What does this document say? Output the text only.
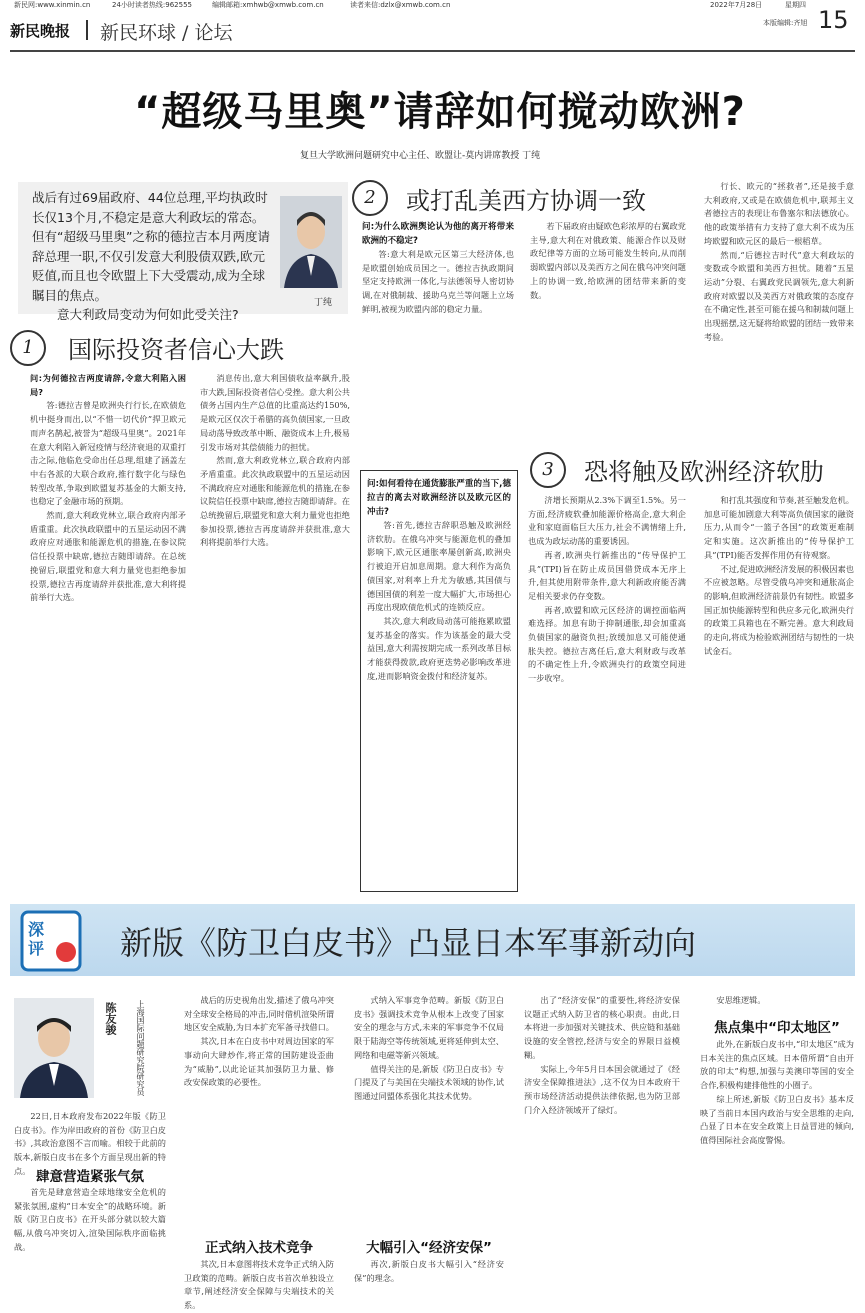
新民网:www.xinmin.cn	24小时读者热线:962555	编辑邮箱:xmhwb@xmwb.com.cn	读者来信:dzlx@xmwb.com.cn	2022年7月28日	星期四
新民晚报 新民环球 / 论坛	本版编辑:齐旭 15
“超级马里奥”请辞如何搅动欧洲?
复旦大学欧洲问题研究中心主任、欧盟让-莫内讲席教授 丁纯
战后有过69届政府、44位总理,平均执政时长仅13个月,不稳定是意大利政坛的常态。但有“超级马里奥”之称的德拉吉本月两度请辞总理一职,不仅引发意大利股债双跌,欧元贬值,而且也令欧盟上下大受震动,成为全球瞩目的焦点。
意大利政局变动为何如此受关注?
丁纯
1	国际投资者信心大跌

问:为何德拉吉两度请辞,令意大利陷入困局?

答:德拉吉曾是欧洲央行行长,在欧债危机中挺身而出,以“不惜一切代价”捍卫欧元而声名鹊起,被誉为“超级马里奥”。2021年在意大利陷入新冠疫情与经济衰退的双重打击之际,他临危受命出任总理,组建了涵盖左中右各派的大联合政府,推行数字化与绿色转型改革,争取到欧盟复苏基金的大额支持,也稳定了金融市场的预期。

然而,意大利政党林立,联合政府内部矛盾重重。此次执政联盟中的五星运动因不满政府应对通胀和能源危机的措施,在参议院信任投票中缺席,德拉吉随即请辞。在总统挽留后,联盟党和意大利力量党也拒绝参加投票,德拉吉再度请辞并获批准,意大利将提前举行大选。

消息传出,意大利国债收益率飙升,股市大跌,国际投资者信心受挫。意大利公共债务占国内生产总值的比重高达约150%,是欧元区仅次于希腊的高负债国家,一旦政局动荡导致改革中断、融资成本上升,极易引发市场对其偿债能力的担忧。

然而,意大利政党林立,联合政府内部矛盾重重。此次执政联盟中的五星运动因不满政府应对通胀和能源危机的措施,在参议院信任投票中缺席,德拉吉随即请辞。在总统挽留后,联盟党和意大利力量党也拒绝参加投票,德拉吉再度请辞并获批准,意大利将提前举行大选。

2	或打乱美西方协调一致

问:为什么欧洲舆论认为他的离开将带来欧洲的不稳定?

答:意大利是欧元区第三大经济体,也是欧盟创始成员国之一。德拉吉执政期间坚定支持欧洲一体化,与法德领导人密切协调,在对俄制裁、援助乌克兰等问题上立场鲜明,被视为欧盟内部的稳定力量。

若下届政府由疑欧色彩浓厚的右翼政党主导,意大利在对俄政策、能源合作以及财政纪律等方面的立场可能发生转向,从而削弱欧盟内部以及美西方之间在俄乌冲突问题上的协调一致,给欧洲的团结带来新的变数。

行长、欧元的“拯救者”,还是接手意大利政府,又或是在欧债危机中,联邦主义者德拉吉的表现让布鲁塞尔和法德放心。他的政策举措有力支持了意大利不成为压垮欧盟和欧元区的最后一根稻草。

然而,“后德拉吉时代”意大利政坛的变数或令欧盟和美西方担忧。随着“五星运动”分裂、右翼政党民调领先,意大利新政府对欧盟以及美西方对俄政策的态度存在不确定性,甚至可能在援乌和制裁问题上出现摇摆,这无疑将给欧盟的团结一致带来考验。

问:如何看待在通货膨胀严重的当下,德拉吉的离去对欧洲经济以及欧元区的冲击?

答:首先,德拉吉辞职恐触及欧洲经济软肋。在俄乌冲突与能源危机的叠加影响下,欧元区通胀率屡创新高,欧洲央行被迫开启加息周期。意大利作为高负债国家,对利率上升尤为敏感,其国债与德国国债的利差一度大幅扩大,市场担心再度出现欧债危机式的连锁反应。

其次,意大利政局动荡可能拖累欧盟复苏基金的落实。作为该基金的最大受益国,意大利需按期完成一系列改革目标才能获得拨款,政府更迭势必影响改革进度,进而影响资金拨付和经济复苏。

3	恐将触及欧洲经济软肋

济增长预期从2.3%下调至1.5%。另一方面,经济疲软叠加能源价格高企,意大利企业和家庭面临巨大压力,社会不满情绪上升,也成为政坛动荡的重要诱因。

再者,欧洲央行新推出的“传导保护工具”(TPI)旨在防止成员国借贷成本无序上升,但其使用附带条件,意大利新政府能否满足相关要求仍存变数。

再者,欧盟和欧元区经济的调控面临两难选择。加息有助于抑制通胀,却会加重高负债国家的融资负担;放缓加息又可能使通胀失控。德拉吉离任后,意大利财政与改革的不确定性上升,令欧洲央行的政策空间进一步收窄。

和打乱其强度和节奏,甚至触发危机。加息可能加剧意大利等高负债国家的融资压力,从而令“一篮子各国”的政策更难制定和实施。这次新推出的“传导保护工具”(TPI)能否发挥作用仍有待观察。

不过,促进欧洲经济发展的积极因素也不应被忽略。尽管受俄乌冲突和通胀高企的影响,但欧洲经济前景仍有韧性。欧盟多国正加快能源转型和供应多元化,欧洲央行的政策工具箱也在不断完善。意大利政局的走向,将成为检验欧洲团结与韧性的一块试金石。

深评 新版《防卫白皮书》凸显日本军事新动向
陈友骏	上海国际问题研究院研究员

22日,日本政府发布2022年版《防卫白皮书》。作为岸田政府的首份《防卫白皮书》,其政治意图不言而喻。相较于此前的版本,新版白皮书在多个方面呈现出新的特点。 肆意营造紧张气氛

首先是肆意营造全球地缘安全危机的紧张氛围,虚构“日本安全”的战略环境。新版《防卫白皮书》在开头部分就以较大篇幅,从俄乌冲突切入,渲染国际秩序面临挑战。

战后的历史视角出发,描述了俄乌冲突对全球安全格局的冲击,同时借机渲染所谓地区安全威胁,为日本扩充军备寻找借口。

其次,日本在白皮书中对周边国家的军事动向大肆炒作,将正常的国防建设歪曲为“威胁”,以此论证其加强防卫力量、修改安保政策的必要性。

正式纳入技术竞争

其次,日本意图将技术竞争正式纳入防卫政策的范畴。新版白皮书首次单独设立章节,阐述经济安全保障与尖端技术的关系。

式纳入军事竞争范畴。新版《防卫白皮书》强调技术竞争从根本上改变了国家安全的理念与方式,未来的军事竞争不仅局限于陆海空等传统领域,更将延伸到太空、网络和电磁等新兴领域。

值得关注的是,新版《防卫白皮书》专门提及了与美国在尖端技术领域的协作,试图通过同盟体系强化其技术优势。

大幅引入“经济安保”

再次,新版白皮书大幅引入“经济安保”的理念。

出了“经济安保”的重要性,将经济安保议题正式纳入防卫省的核心职责。由此,日本将进一步加强对关键技术、供应链和基础设施的安全管控,经济与安全的界限日益模糊。

实际上,今年5月日本国会就通过了《经济安全保障推进法》,这不仅为日本政府干预市场经济活动提供法律依据,也为防卫部门介入经济领域开了绿灯。

安思维逻辑。

焦点集中“印太地区”

此外,在新版白皮书中,“印太地区”成为日本关注的焦点区域。日本借所谓“自由开放的印太”构想,加强与美澳印等国的安全合作,积极构建排他性的小圈子。

综上所述,新版《防卫白皮书》基本反映了当前日本国内政治与安全思维的走向,凸显了日本在安全政策上日益冒进的倾向,值得国际社会高度警惕。
